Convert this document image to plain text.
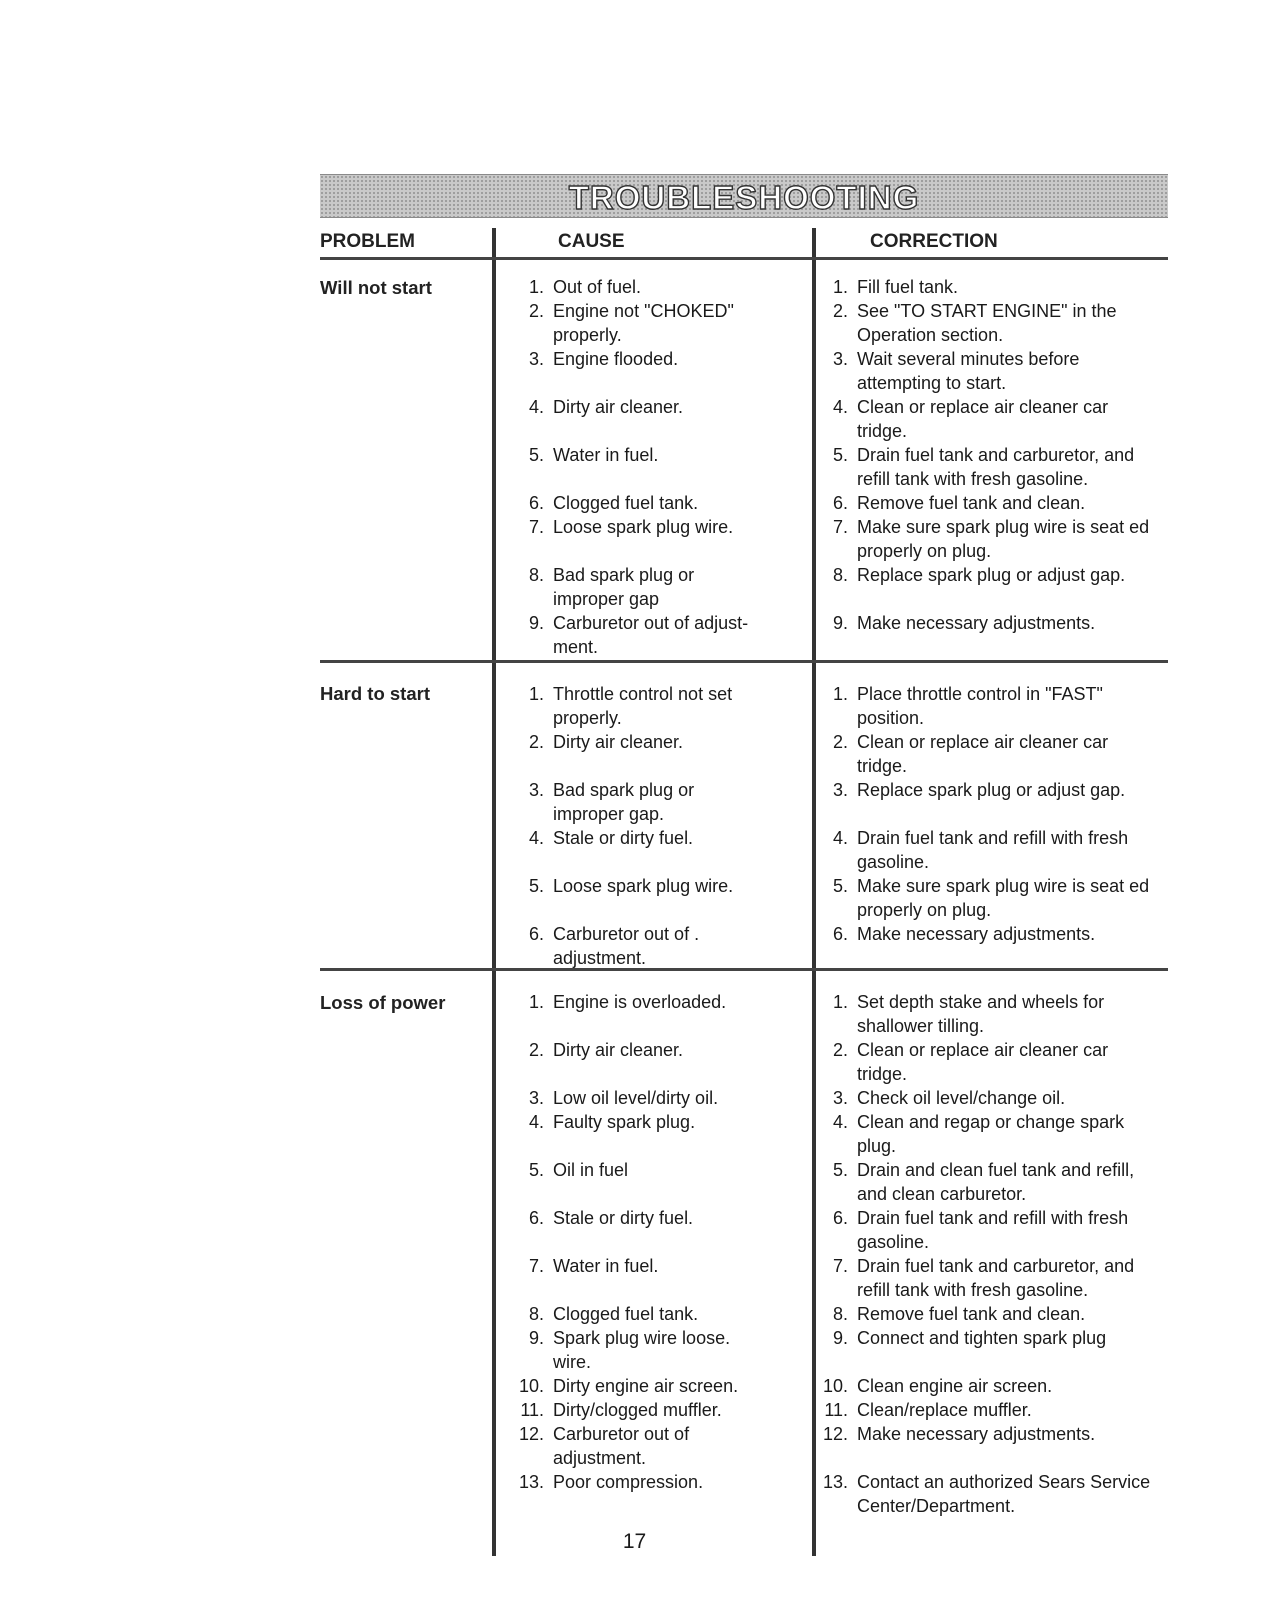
TROUBLESHOOTING
PROBLEM	CAUSE	CORRECTION
Will not start
Hard to start
Loss of power
1. Out of fuel.
2. Engine not "CHOKED" properly.
3. Engine flooded.
4. Dirty air cleaner.
5. Water in fuel.
6. Clogged fuel tank.
7. Loose spark plug wire.
8. Bad spark plug or improper gap
9. Carburetor out of adjust-ment.
1. Fill fuel tank.
2. See "TO START ENGINE" in the Operation section.
3. Wait several minutes before attempting to start.
4. Clean or replace air cleaner car tridge.
5. Drain fuel tank and carburetor, and refill tank with fresh gasoline.
6. Remove fuel tank and clean.
7. Make sure spark plug wire is seat ed properly on plug.
8. Replace spark plug or adjust gap.
9. Make necessary adjustments.
1. Throttle control not set properly.
2. Dirty air cleaner.
3. Bad spark plug or improper gap.
4. Stale or dirty fuel.
5. Loose spark plug wire.
6. Carburetor out of . adjustment.
1. Place throttle control in "FAST" position.
2. Clean or replace air cleaner car tridge.
3. Replace spark plug or adjust gap.
4. Drain fuel tank and refill with fresh gasoline.
5. Make sure spark plug wire is seat ed properly on plug.
6. Make necessary adjustments.
1. Engine is overloaded.
2. Dirty air cleaner.
3. Low oil level/dirty oil.
4. Faulty spark plug.
5. Oil in fuel
6. Stale or dirty fuel.
7. Water in fuel.
8. Clogged fuel tank.
9. Spark plug wire loose. wire.
10. Dirty engine air screen.
11. Dirty/clogged muffler.
12. Carburetor out of adjustment.
13. Poor compression.
1. Set depth stake and wheels for shallower tilling.
2. Clean or replace air cleaner car tridge.
3. Check oil level/change oil.
4. Clean and regap or change spark plug.
5. Drain and clean fuel tank and refill, and clean carburetor.
6. Drain fuel tank and refill with fresh gasoline.
7. Drain fuel tank and carburetor, and refill tank with fresh gasoline.
8. Remove fuel tank and clean.
9. Connect and tighten spark plug
10. Clean engine air screen.
11. Clean/replace muffler.
12. Make necessary adjustments.
13. Contact an authorized Sears Service Center/Department.
17
